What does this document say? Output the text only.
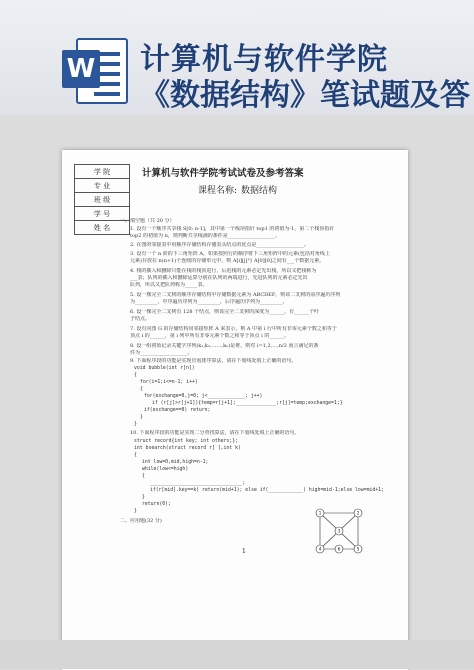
W 计算机与软件学院
《数据结构》笔试题及答
学 院
专 业
班 级
学 号
姓 名
计算机与软件学院考试试卷及参考答案
课程名称: 数据结构
一、填空题（共 20 分）
1. 设有一个顺序共享栈 S[0: n-1]，其中第一个栈项指针 top1 的初值为-1，第二个栈顶指针
top2 的初值为 n，则判断共享栈满的条件是___________________。
2. 在图的邻接表中用顺序存储结构存储表头结点的优点是___________________。
3. 设有一个 n 阶的下三角矩阵 A，如果按照行的顺序将下三角矩阵中的元素(包括对角线上
元素)存放在 n(n+1)个连续的存储单元中，则 A[i][j]与 A[0][0]之间有___个数据元素。
4. 栈的插入和删除只能在栈的栈顶进行，后进栈的元素必定先出栈，所以又把栈称为
___表；队列的插入和删除运算分别在队列的两端进行，先进队列的元素必定先出
队列，所以又把队列称为_____表。
5. 设一棵完全二叉树的顺序存储结构中存储数据元素为 ABCDEF，则该二叉树的前序遍历序列
为_________，中序遍历序列为_________，后序遍历序列为_________。
6. 设一棵完全二叉树有 128 个结点，则该完全二叉树的深度为______，有______个叶
子结点。
7. 设有向图 G 的存储结构用邻接矩阵 A 来表示，则 A 中第 i 行中所有非零元素个数之和等于
顶点 i 的______，第 i 列中所有非零元素个数之和等于顶点 i 的______。
8. 设一组初始记录关键字序列(k₁,k₂,……,kₙ)是堆，则对 i=1,2,…,n/2 而言满足的条
件为___________________。
9. 下面程序段的功能是实现冒泡排序算法，请在下划线处填上正确的语句。
void bubble(int r[n])
{
for(i=1;i<=n-1; i++)
{
for(exchange=0,j=0; j<_____________; j++)
if (r[j]>r[j+1]){temp=r[j+1];______________;r[j]=temp;exchange=1;}
if(exchange==0) return;
}
}
10. 下面程序段的功能是实现二分查找算法，请在下划线处填上正确的语句。
struct record{int key; int others;};
int bsearch(struct record r[ ],int k)
{
int low=0,mid,high=n-1;
while(low<=high)
{
________________________________;
if(r[mid].key==k) return(mid+1); else if(____________) high=mid-1;else low=mid+1;
}
return(0);
}
二、应用题(32 分)
1	2
3
4	5
6
1
